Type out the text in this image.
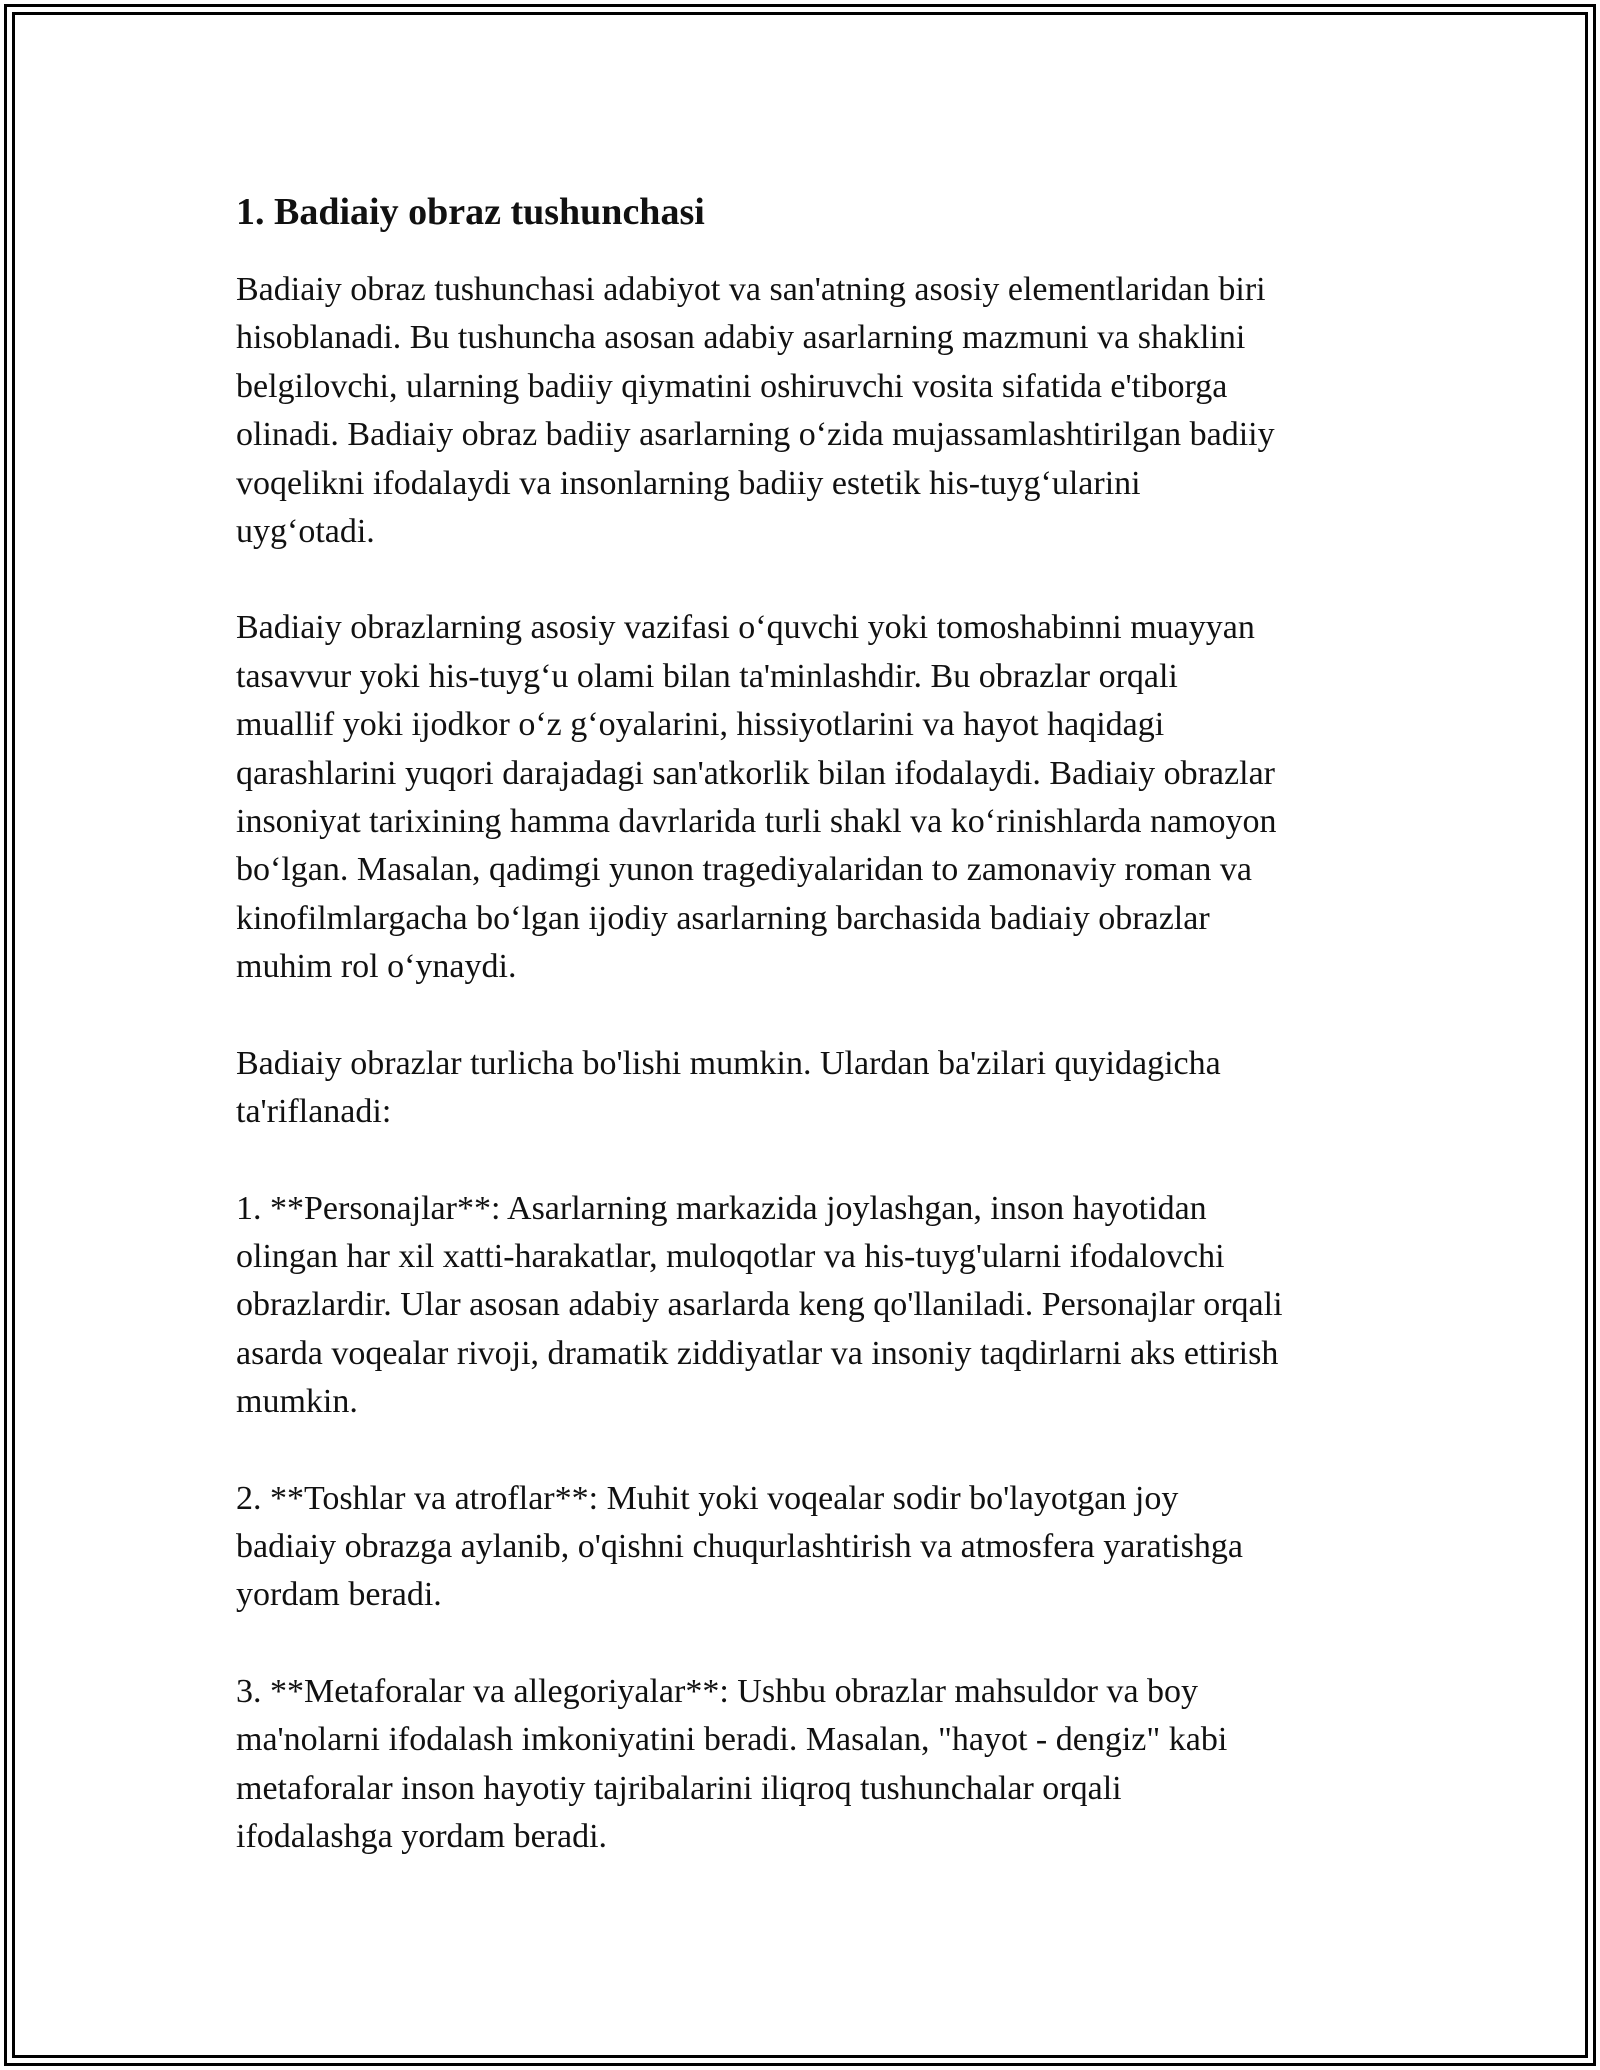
1. Badiaiy obraz tushunchasi

Badiaiy obraz tushunchasi adabiyot va san'atning asosiy elementlaridan biri
hisoblanadi. Bu tushuncha asosan adabiy asarlarning mazmuni va shaklini
belgilovchi, ularning badiiy qiymatini oshiruvchi vosita sifatida e'tiborga
olinadi. Badiaiy obraz badiiy asarlarning o‘zida mujassamlashtirilgan badiiy
voqelikni ifodalaydi va insonlarning badiiy estetik his-tuyg‘ularini
uyg‘otadi.

Badiaiy obrazlarning asosiy vazifasi o‘quvchi yoki tomoshabinni muayyan
tasavvur yoki his-tuyg‘u olami bilan ta'minlashdir. Bu obrazlar orqali
muallif yoki ijodkor o‘z g‘oyalarini, hissiyotlarini va hayot haqidagi
qarashlarini yuqori darajadagi san'atkorlik bilan ifodalaydi. Badiaiy obrazlar
insoniyat tarixining hamma davrlarida turli shakl va ko‘rinishlarda namoyon
bo‘lgan. Masalan, qadimgi yunon tragediyalaridan to zamonaviy roman va
kinofilmlargacha bo‘lgan ijodiy asarlarning barchasida badiaiy obrazlar
muhim rol o‘ynaydi.

Badiaiy obrazlar turlicha bo'lishi mumkin. Ulardan ba'zilari quyidagicha
ta'riflanadi:

1. **Personajlar**: Asarlarning markazida joylashgan, inson hayotidan
olingan har xil xatti-harakatlar, muloqotlar va his-tuyg'ularni ifodalovchi
obrazlardir. Ular asosan adabiy asarlarda keng qo'llaniladi. Personajlar orqali
asarda voqealar rivoji, dramatik ziddiyatlar va insoniy taqdirlarni aks ettirish
mumkin.

2. **Toshlar va atroflar**: Muhit yoki voqealar sodir bo'layotgan joy
badiaiy obrazga aylanib, o'qishni chuqurlashtirish va atmosfera yaratishga
yordam beradi.

3. **Metaforalar va allegoriyalar**: Ushbu obrazlar mahsuldor va boy
ma'nolarni ifodalash imkoniyatini beradi. Masalan, "hayot - dengiz" kabi
metaforalar inson hayotiy tajribalarini iliqroq tushunchalar orqali
ifodalashga yordam beradi.
